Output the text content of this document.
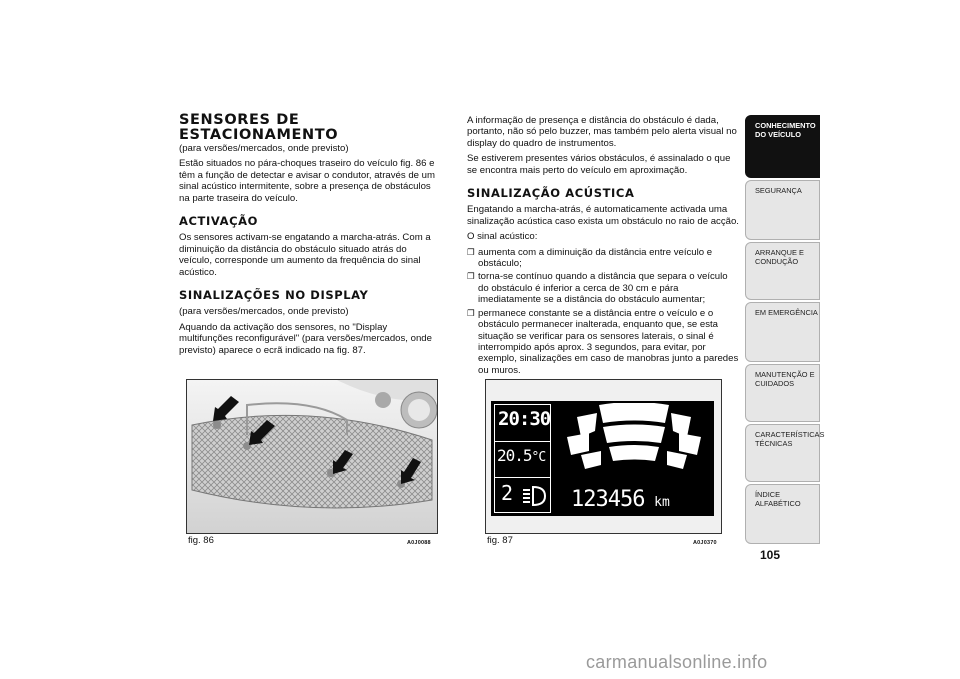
SENSORES DE ESTACIONAMENTO

(para versões/mercados, onde previsto)

Estão situados no pára-choques traseiro do veículo fig. 86 e têm a função de detectar e avisar o condutor, através de um sinal acústico intermitente, sobre a presença de obstáculos na parte traseira do veículo.

ACTIVAÇÃO

Os sensores activam-se engatando a marcha-atrás. Com a diminuição da distância do obstáculo situado atrás do veículo, corresponde um aumento da frequência do sinal acústico.

SINALIZAÇÕES NO DISPLAY

(para versões/mercados, onde previsto)

Aquando da activação dos sensores, no "Display multifunções reconfigurável" (para versões/mercados, onde previsto) aparece o ecrã indicado na fig. 87.

A informação de presença e distância do obstáculo é dada, portanto, não só pelo buzzer, mas também pelo alerta visual no display do quadro de instrumentos.

Se estiverem presentes vários obstáculos, é assinalado o que se encontra mais perto do veículo em aproximação.

SINALIZAÇÃO ACÚSTICA

Engatando a marcha-atrás, é automaticamente activada uma sinalização acústica caso exista um obstáculo no raio de acção.

O sinal acústico:

❐ aumenta com a diminuição da distância entre veículo e obstáculo;
❐ torna-se contínuo quando a distância que separa o veículo do obstáculo é inferior a cerca de 30 cm e pára imediatamente se a distância do obstáculo aumentar;
❐ permanece constante se a distância entre o veículo e o obstáculo permanecer inalterada, enquanto que, se esta situação se verificar para os sensores laterais, o sinal é interrompido após aprox. 3 segundos, para evitar, por exemplo, sinalizações em caso de manobras junto a paredes ou muros.
fig. 86	A0J0088
20:30
20.5°C
2	123456 km
fig. 87	A0J0370
CONHECIMENTO DO VEÍCULO
SEGURANÇA
ARRANQUE E CONDUÇÃO
EM EMERGÊNCIA
MANUTENÇÃO E CUIDADOS
CARACTERÍSTICAS TÉCNICAS
ÍNDICE ALFABÉTICO
105
carmanualsonline.info
